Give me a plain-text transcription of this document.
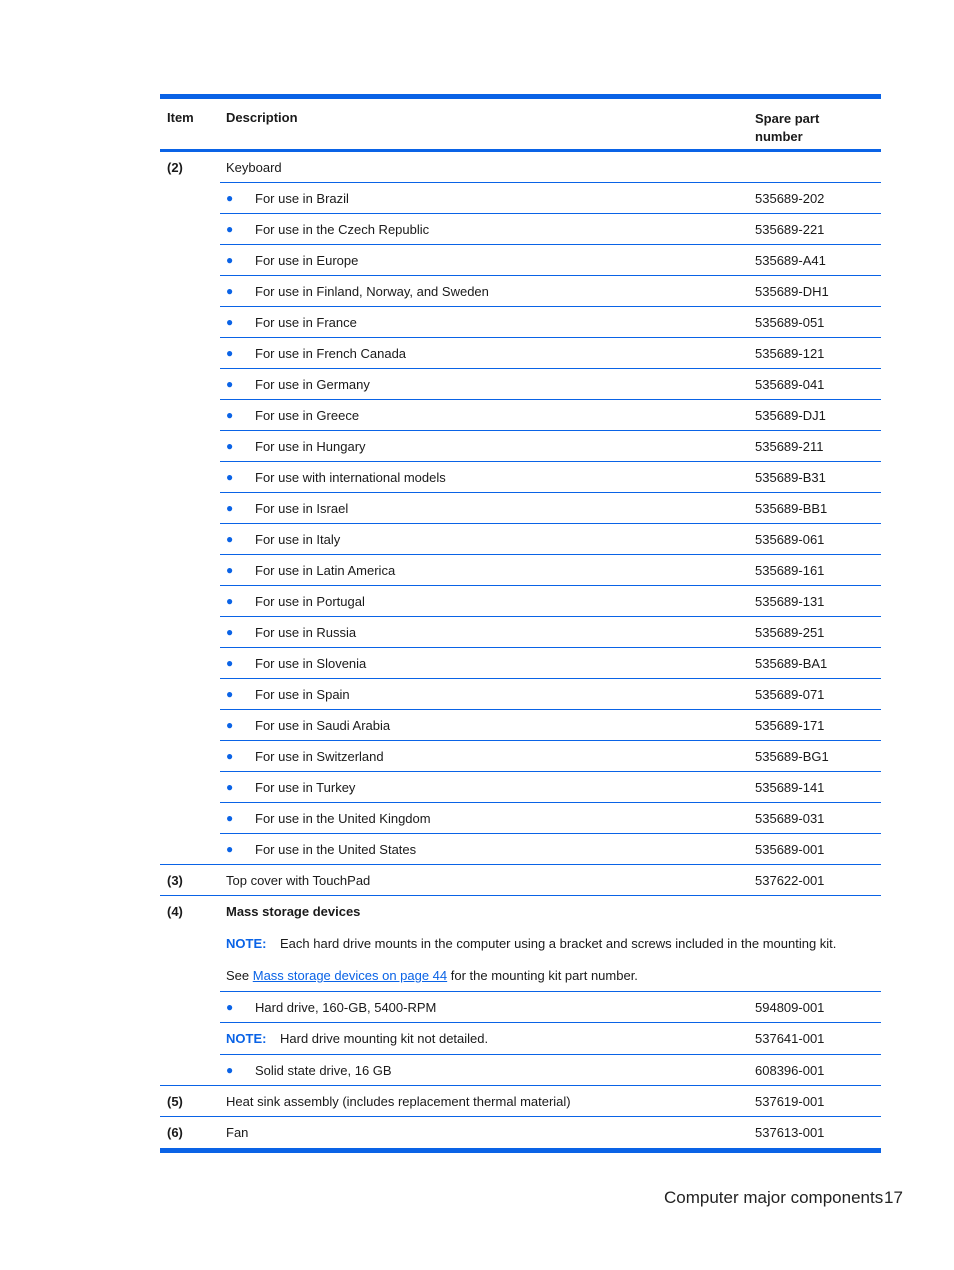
Item Description	Spare part
number
(2)	Keyboard
● For use in Brazil	535689-202
● For use in the Czech Republic	535689-221
● For use in Europe	535689-A41
● For use in Finland, Norway, and Sweden	535689-DH1
● For use in France	535689-051
● For use in French Canada	535689-121
● For use in Germany	535689-041
● For use in Greece	535689-DJ1
● For use in Hungary	535689-211
● For use with international models	535689-B31
● For use in Israel	535689-BB1
● For use in Italy	535689-061
● For use in Latin America	535689-161
● For use in Portugal	535689-131
● For use in Russia	535689-251
● For use in Slovenia	535689-BA1
● For use in Spain	535689-071
● For use in Saudi Arabia	535689-171
● For use in Switzerland	535689-BG1
● For use in Turkey	535689-141
● For use in the United Kingdom	535689-031
● For use in the United States	535689-001
(3)	Top cover with TouchPad	537622-001
(4)	Mass storage devices
NOTE: Each hard drive mounts in the computer using a bracket and screws included in the mounting kit.
See Mass storage devices on page 44 for the mounting kit part number.
● Hard drive, 160-GB, 5400-RPM	594809-001
NOTE: Hard drive mounting kit not detailed.	537641-001
● Solid state drive, 16 GB	608396-001
(5)	Heat sink assembly (includes replacement thermal material)	537619-001
(6)	Fan	537613-001
Computer major components 17
